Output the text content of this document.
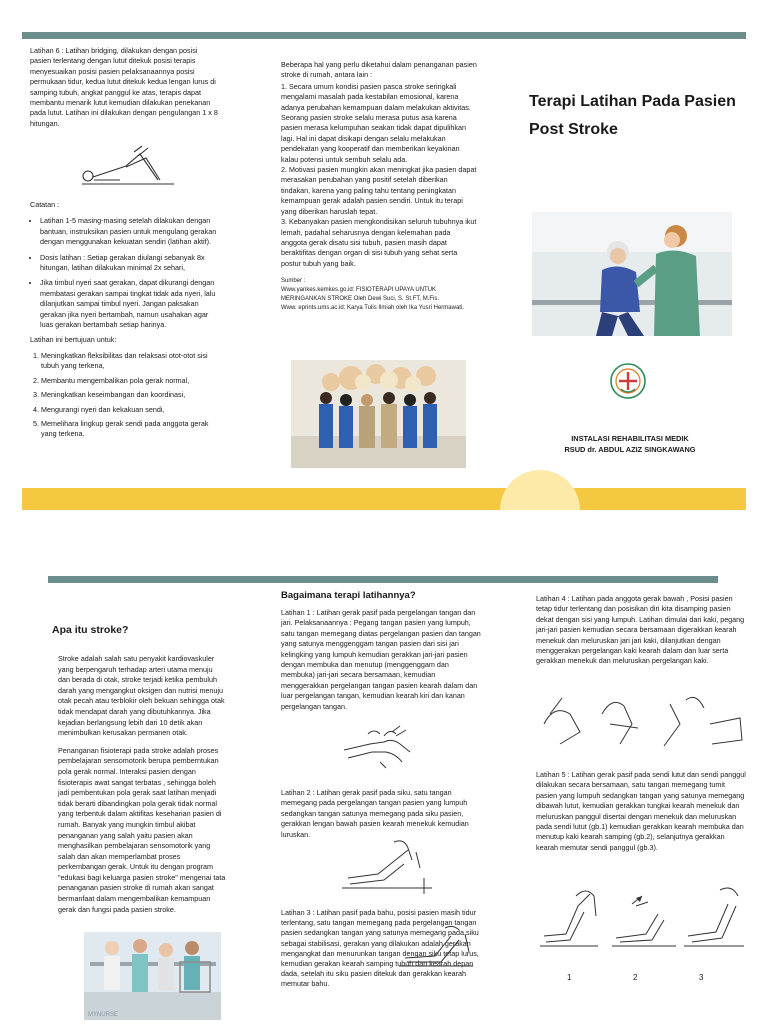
Latihan 6 : Latihan bridging, dilakukan dengan posisi pasien terlentang dengan lutut ditekuk posisi terapis menyesuaikan posisi pasien pelaksanaannya posisi permukaan tidur, kedua lutut ditekuk kedua lengan lurus di samping tubuh, angkat panggul ke atas, terapis dapat membantu menarik lutut kemudian dilakukan penekanan pada lutut. Latihan ini dilakukan dengan pengulangan 1 x 8 hitungan.

Catatan :

• Latihan 1-5 masing-masing setelah dilakukan dengan bantuan, instruksikan pasien untuk mengulang gerakan dengan menggunakan kekuatan sendiri (latihan aktif).
• Dosis latihan : Setiap gerakan diulangi sebanyak 8x hitungan, latihan dilakukan minimal 2x sehari,
• Jika timbul nyeri saat gerakan, dapat dikurangi dengan membatasi gerakan sampai tingkat tidak ada nyeri, lalu dilanjutkan sampai timbul nyeri. Jangan paksakan gerakan jika nyeri bertambah, namun usahakan agar luas gerakan bertambah setiap harinya.

Latihan ini bertujuan untuk:

1. Meningkatkan fleksibilitas dan relaksasi otot-otot sisi tubuh yang terkena,
2. Membantu mengembalikan pola gerak normal,
3. Meningkatkan keseimbangan dan koordinasi,
4. Mengurangi nyeri dan kekakuan sendi,
5. Memelihara lingkup gerak sendi pada anggota gerak yang terkena.

Beberapa hal yang perlu diketahui dalam penanganan pasien stroke di rumah, antara lain :

1. Secara umum kondisi pasien pasca stroke seringkali mengalami masalah pada kestabilan emosional, karena adanya perubahan kemampuan dalam melakukan aktivitas. Seorang pasien stroke selalu merasa putus asa karena pasien merasa kelumpuhan seakan tidak dapat dipulihkan lagi. Hal ini dapat disikapi dengan selalu melakukan pendekatan yang kooperatif dan memberikan keyakinan kalau potensi untuk sembuh selalu ada.

2. Motivasi pasien mungkin akan meningkat jika pasien dapat merasakan perubahan yang positif setelah diberikan tindakan, karena yang paling tahu tentang peningkatan kemampuan gerak adalah pasien sendiri. Untuk itu terapi yang diberikan haruslah tepat.

3. Kebanyakan pasien mengkondisikan seluruh tubuhnya ikut lemah, padahal seharusnya dengan kelemahan pada anggota gerak disatu sisi tubuh, pasien masih dapat beraktifitas dengan organ di sisi tubuh yang sehat serta postur tubuh yang baik.

Sumber :
Www.yankes.kemkes.go.id: FISIOTERAPI UPAYA UNTUK MERINGANKAN STROKE Oleh Dewi Suci, S. St.FT, M.Fis.
Www. eprints.ums.ac.id: Karya Tulis Ilmiah oleh Ika Yusri Hermawati.
Terapi Latihan Pada Pasien Post Stroke
INSTALASI REHABILITASI MEDIK
RSUD dr. ABDUL AZIZ SINGKAWANG
Apa itu stroke?

Stroke adalah salah satu penyakit kardiovaskuler yang berpengaruh terhadap arteri utama menuju dan berada di otak, stroke terjadi ketika pembuluh darah yang mengangkut oksigen dan nutrisi menuju otak pecah atau terblokir oleh bekuan sehingga otak tidak mendapat darah yang dibutuhkannya. Jika kejadian berlangsung lebih dari 10 detik akan menimbulkan kerusakan permanen otak.

Penanganan fisioterapi pada stroke adalah proses pembelajaran sensomotorik berupa pemberntukan pola gerak normal. Interaksi pasien dengan fisioterapis awat sangat terbatas , sehingga boleh jadi pembentukan pola gerak saat latihan menjadi tidak berarti dibandingkan pola gerak tidak normal yang terbentuk dalam aktifitas keseharian pasien di rumah. Banyak yang mungkin timbul akibat penanganan yang salah yaitu pasien akan menghasilkan pembelajaran sensomotorik yang salah dan akan memperlambat proses perkembangan gerak. Untuk itu dengan program "edukasi bagi keluarga pasien stroke" mengenai tata penanganan pasien stroke di rumah akan sangat bermanfaat dalam mengembalikan kemampuan gerak dan fungsi pada pasien stroke.

MYNURSE
Bagaimana terapi latihannya?
Latihan 1 : Latihan gerak pasif pada pergelangan tangan dan jari. Pelaksanaannya : Pegang tangan pasien yang lumpuh, satu tangan memegang diatas pergelangan pasien dan tangan yang satunya menggenggam tangan pasien dari sisi jari kelingking yang lumpuh kemudian gerakkan jari-jari pasien dengan membuka dan menutup (menggenggam dan membuka) jari-jari secara bersamaan, kemudian menggerakkan pergelangan tangan pasien kearah dalam dan luar pergelangan tangan, kemudian kearah kiri dan kanan pergelangan tangan.
Latihan 2 : Latihan gerak pasif pada siku, satu tangan memegang pada pergelangan tangan pasien yang lumpuh sedangkan tangan satunya memegang pada siku pasien, gerakkan lengan bawah pasien kearah menekuk kemudian luruskan.
Latihan 3 : Latihan pasif pada bahu, posisi pasien masih tidur terlentang, satu tangan memegang pada pergelangan tangan pasien sedangkan tangan yang satunya memegang pada siku sebagai stabilisasi, gerakan yang dilakukan adalah gerakan mengangkat dan menurunkan tangan dengan siku tetap lurus, kemudian gerakan kearah samping tubuh dan kearah depan dada, setelah itu siku pasien ditekuk dan gerakkan kearah memutar bahu.
Latihan 4 : Latihan pada anggota gerak bawah , Posisi pasien tetap tidur terlentang dan posisikan diri kita disamping pasien dekat dengan sisi yang lumpuh. Latihan dimulai dari kaki, pegang jari-jari pasien kemudian secara bersamaan digerakkan kearah menekuk dan meluruskan jari jari kaki, dilanjutkan dengan menggerakan pergelangan kaki kearah dalam dan luar serta gerakkan menekuk dan meluruskan pergelangan kaki.
Latihan 5 : Latihan gerak pasif pada sendi lutut dan sendi panggul dilakukan secara bersamaan, satu tangan memegang tumit pasien yang lumpuh sedangkan tangan yang satunya memegang dibawah lutut, kemudian gerakkan tungkai kearah menekuk dan meluruskan panggul disertai dengan menekuk dan meluruskan pada sendi lutut (gb.1) kemudian gerakkan kearah membuka dan menutup kaki kearah samping (gb.2), selanjutnya gerakkan kearah memutar sendi panggul (gb.3).
1	2	3
